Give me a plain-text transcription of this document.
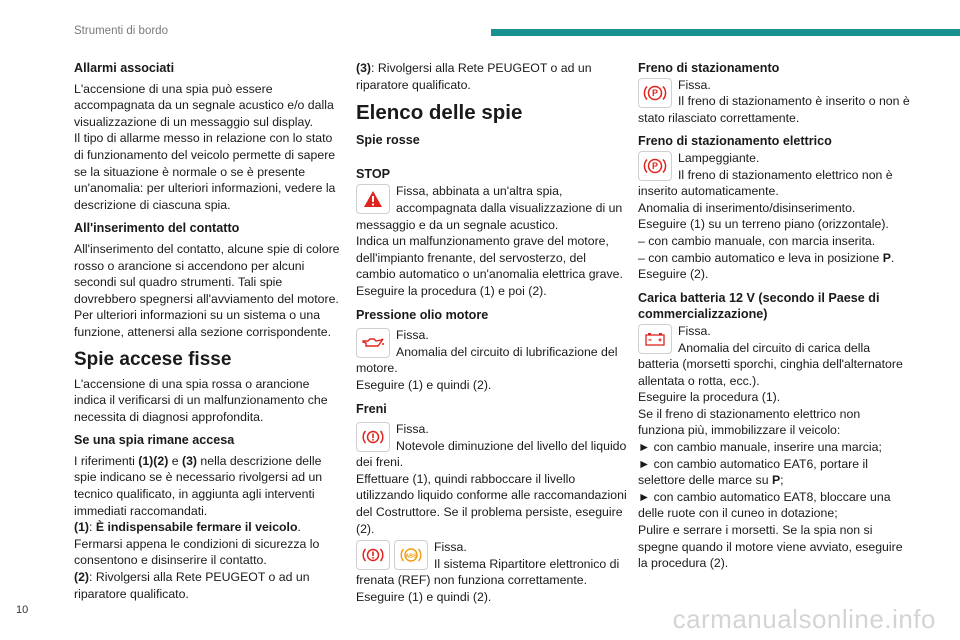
Strumenti di bordo
Allarmi associati

L'accensione di una spia può essere accompagnata da un segnale acustico e/o dalla visualizzazione di un messaggio sul display.

Il tipo di allarme messo in relazione con lo stato di funzionamento del veicolo permette di sapere se la situazione è normale o se è presente un'anomalia: per ulteriori informazioni, vedere la descrizione di ciascuna spia.

All'inserimento del contatto

All'inserimento del contatto, alcune spie di colore rosso o arancione si accendono per alcuni secondi sul quadro strumenti. Tali spie dovrebbero spegnersi all'avviamento del motore.

Per ulteriori informazioni su un sistema o una funzione, attenersi alla sezione corrispondente.

Spie accese fisse

L'accensione di una spia rossa o arancione indica il verificarsi di un malfunzionamento che necessita di diagnosi approfondita.

Se una spia rimane accesa

I riferimenti (1)(2) e (3) nella descrizione delle spie indicano se è necessario rivolgersi ad un tecnico qualificato, in aggiunta agli interventi immediati raccomandati.

(1): È indispensabile fermare il veicolo.

Fermarsi appena le condizioni di sicurezza lo consentono e disinserire il contatto.

(2): Rivolgersi alla Rete PEUGEOT o ad un riparatore qualificato.

(3): Rivolgersi alla Rete PEUGEOT o ad un riparatore qualificato.

Elenco delle spie
Spie rosse
STOP

Fissa, abbinata a un'altra spia, accompagnata dalla visualizzazione di un messaggio e da un segnale acustico.

Indica un malfunzionamento grave del motore, dell'impianto frenante, del servosterzo, del cambio automatico o un'anomalia elettrica grave.

Eseguire la procedura (1) e poi (2).

Pressione olio motore

Fissa.

Anomalia del circuito di lubrificazione del motore.

Eseguire (1) e quindi (2).

Freni

Fissa.

Notevole diminuzione del livello del liquido dei freni.

Effettuare (1), quindi rabboccare il livello utilizzando liquido conforme alle raccomandazioni del Costruttore. Se il problema persiste, eseguire (2).

ABS

Fissa.

Il sistema Ripartitore elettronico di frenata (REF) non funziona correttamente.

Eseguire (1) e quindi (2).

Freno di stazionamento
P

Fissa.

Il freno di stazionamento è inserito o non è stato rilasciato correttamente.

Freno di stazionamento elettrico
P

Lampeggiante.

Il freno di stazionamento elettrico non è inserito automaticamente.

Anomalia di inserimento/disinserimento.

Eseguire (1) su un terreno piano (orizzontale).

– con cambio manuale, con marcia inserita.

– con cambio automatico e leva in posizione P.

Eseguire (2).

Carica batteria 12 V (secondo il Paese di commercializzazione)

Fissa.

Anomalia del circuito di carica della batteria (morsetti sporchi, cinghia dell'alternatore allentata o rotta, ecc.).

Eseguire la procedura (1).

Se il freno di stazionamento elettrico non funziona più, immobilizzare il veicolo:

► con cambio manuale, inserire una marcia;

► con cambio automatico EAT6, portare il selettore delle marce su P;

► con cambio automatico EAT8, bloccare una delle ruote con il cuneo in dotazione;

Pulire e serrare i morsetti. Se la spia non si spegne quando il motore viene avviato, eseguire la procedura (2).

10	carmanualsonline.info
